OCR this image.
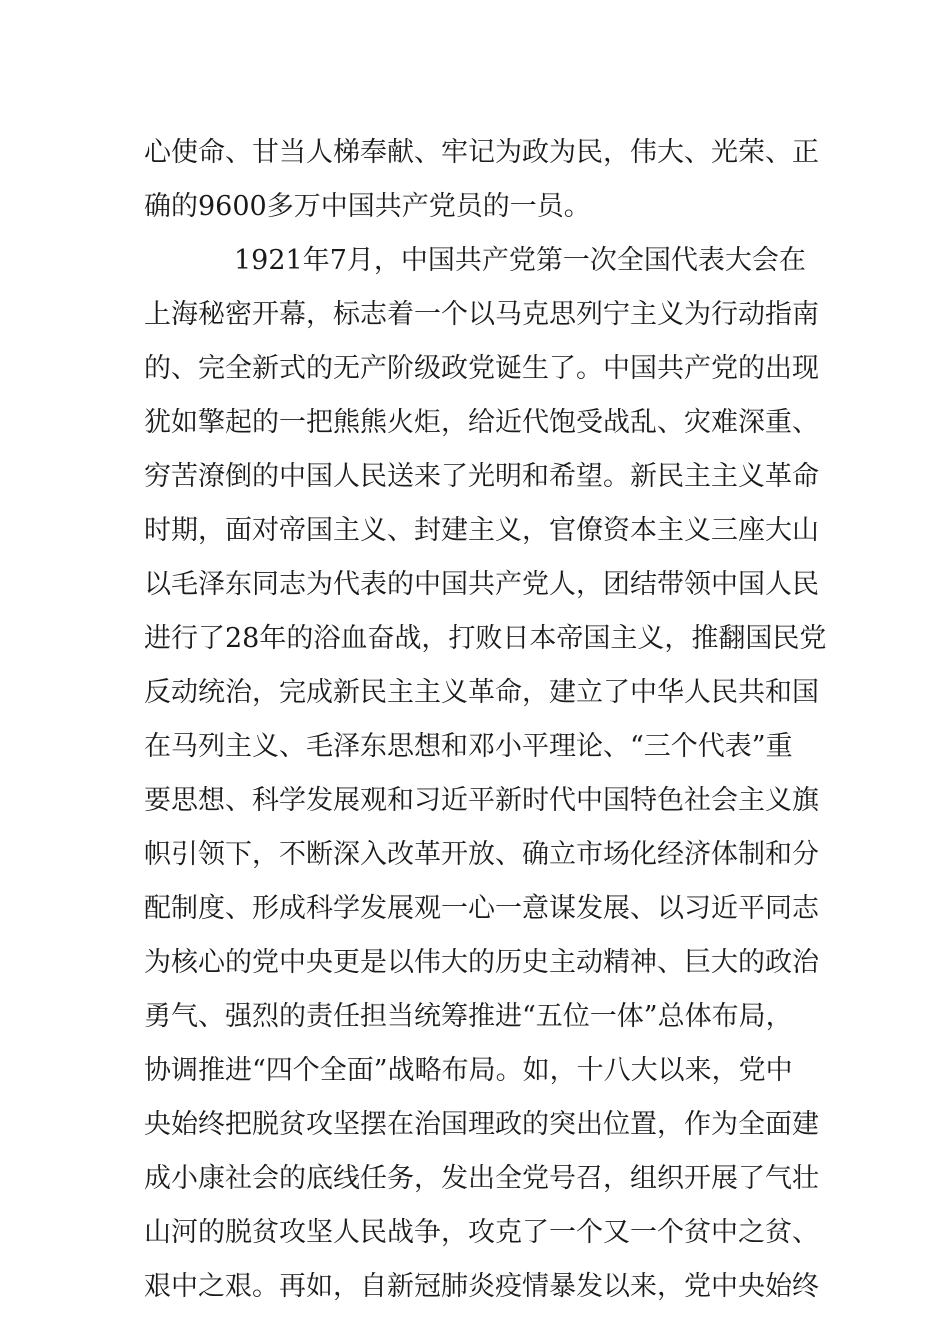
心使命、甘当人梯奉献、牢记为政为民，伟大、光荣、正
确的9600多万中国共产党员的一员。
1921年7月，中国共产党第一次全国代表大会在
上海秘密开幕，标志着一个以马克思列宁主义为行动指南
的、完全新式的无产阶级政党诞生了。中国共产党的出现
犹如擎起的一把熊熊火炬，给近代饱受战乱、灾难深重、
穷苦潦倒的中国人民送来了光明和希望。新民主主义革命
时期，面对帝国主义、封建主义，官僚资本主义三座大山
以毛泽东同志为代表的中国共产党人，团结带领中国人民
进行了28年的浴血奋战，打败日本帝国主义，推翻国民党
反动统治，完成新民主主义革命，建立了中华人民共和国
在马列主义、毛泽东思想和邓小平理论、“三个代表”重
要思想、科学发展观和习近平新时代中国特色社会主义旗
帜引领下，不断深入改革开放、确立市场化经济体制和分
配制度、形成科学发展观一心一意谋发展、以习近平同志
为核心的党中央更是以伟大的历史主动精神、巨大的政治
勇气、强烈的责任担当统筹推进“五位一体”总体布局，
协调推进“四个全面”战略布局。如，十八大以来，党中
央始终把脱贫攻坚摆在治国理政的突出位置，作为全面建
成小康社会的底线任务，发出全党号召，组织开展了气壮
山河的脱贫攻坚人民战争，攻克了一个又一个贫中之贫、
艰中之艰。再如，自新冠肺炎疫情暴发以来，党中央始终
